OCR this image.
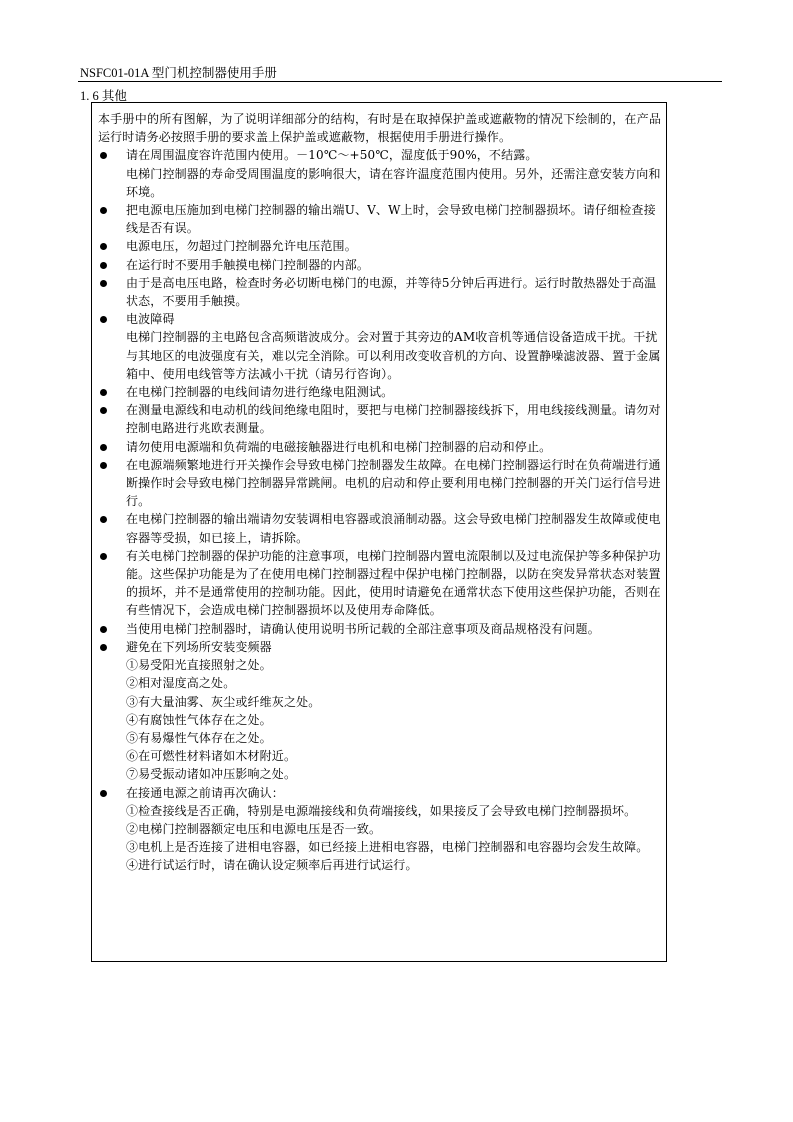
NSFC01-01A 型门机控制器使用手册
1. 6 其他

本手册中的所有图解，为了说明详细部分的结构，有时是在取掉保护盖或遮蔽物的情况下绘制的，在产品运行时请务必按照手册的要求盖上保护盖或遮蔽物，根据使用手册进行操作。

请在周围温度容许范围内使用。－10℃～+50℃，湿度低于90%，不结露。
电梯门控制器的寿命受周围温度的影响很大，请在容许温度范围内使用。另外，还需注意安装方向和环境。
把电源电压施加到电梯门控制器的输出端U、V、W上时，会导致电梯门控制器损坏。请仔细检查接线是否有误。
电源电压，勿超过门控制器允许电压范围。
在运行时不要用手触摸电梯门控制器的内部。
由于是高电压电路，检查时务必切断电梯门的电源，并等待5分钟后再进行。运行时散热器处于高温状态，不要用手触摸。
电波障碍
电梯门控制器的主电路包含高频谐波成分。会对置于其旁边的AM收音机等通信设备造成干扰。干扰与其地区的电波强度有关，难以完全消除。可以利用改变收音机的方向、设置静噪滤波器、置于金属箱中、使用电线管等方法减小干扰（请另行咨询）。
在电梯门控制器的电线间请勿进行绝缘电阻测试。
在测量电源线和电动机的线间绝缘电阻时，要把与电梯门控制器接线拆下，用电线接线测量。请勿对控制电路进行兆欧表测量。
请勿使用电源端和负荷端的电磁接触器进行电机和电梯门控制器的启动和停止。
在电源端频繁地进行开关操作会导致电梯门控制器发生故障。在电梯门控制器运行时在负荷端进行通断操作时会导致电梯门控制器异常跳闸。电机的启动和停止要利用电梯门控制器的开关门运行信号进行。
在电梯门控制器的输出端请勿安装调相电容器或浪涌制动器。这会导致电梯门控制器发生故障或使电容器等受损，如已接上，请拆除。
有关电梯门控制器的保护功能的注意事项，电梯门控制器内置电流限制以及过电流保护等多种保护功能。这些保护功能是为了在使用电梯门控制器过程中保护电梯门控制器，以防在突发异常状态对装置的损坏，并不是通常使用的控制功能。因此，使用时请避免在通常状态下使用这些保护功能，否则在有些情况下，会造成电梯门控制器损坏以及使用寿命降低。
当使用电梯门控制器时，请确认使用说明书所记载的全部注意事项及商品规格没有问题。
避免在下列场所安装变频器
①易受阳光直接照射之处。
②相对湿度高之处。
③有大量油雾、灰尘或纤维灰之处。
④有腐蚀性气体存在之处。
⑤有易爆性气体存在之处。
⑥在可燃性材料诸如木材附近。
⑦易受振动诸如冲压影响之处。
在接通电源之前请再次确认：
①检查接线是否正确，特别是电源端接线和负荷端接线，如果接反了会导致电梯门控制器损坏。
②电梯门控制器额定电压和电源电压是否一致。
③电机上是否连接了进相电容器，如已经接上进相电容器，电梯门控制器和电容器均会发生故障。
④进行试运行时，请在确认设定频率后再进行试运行。
